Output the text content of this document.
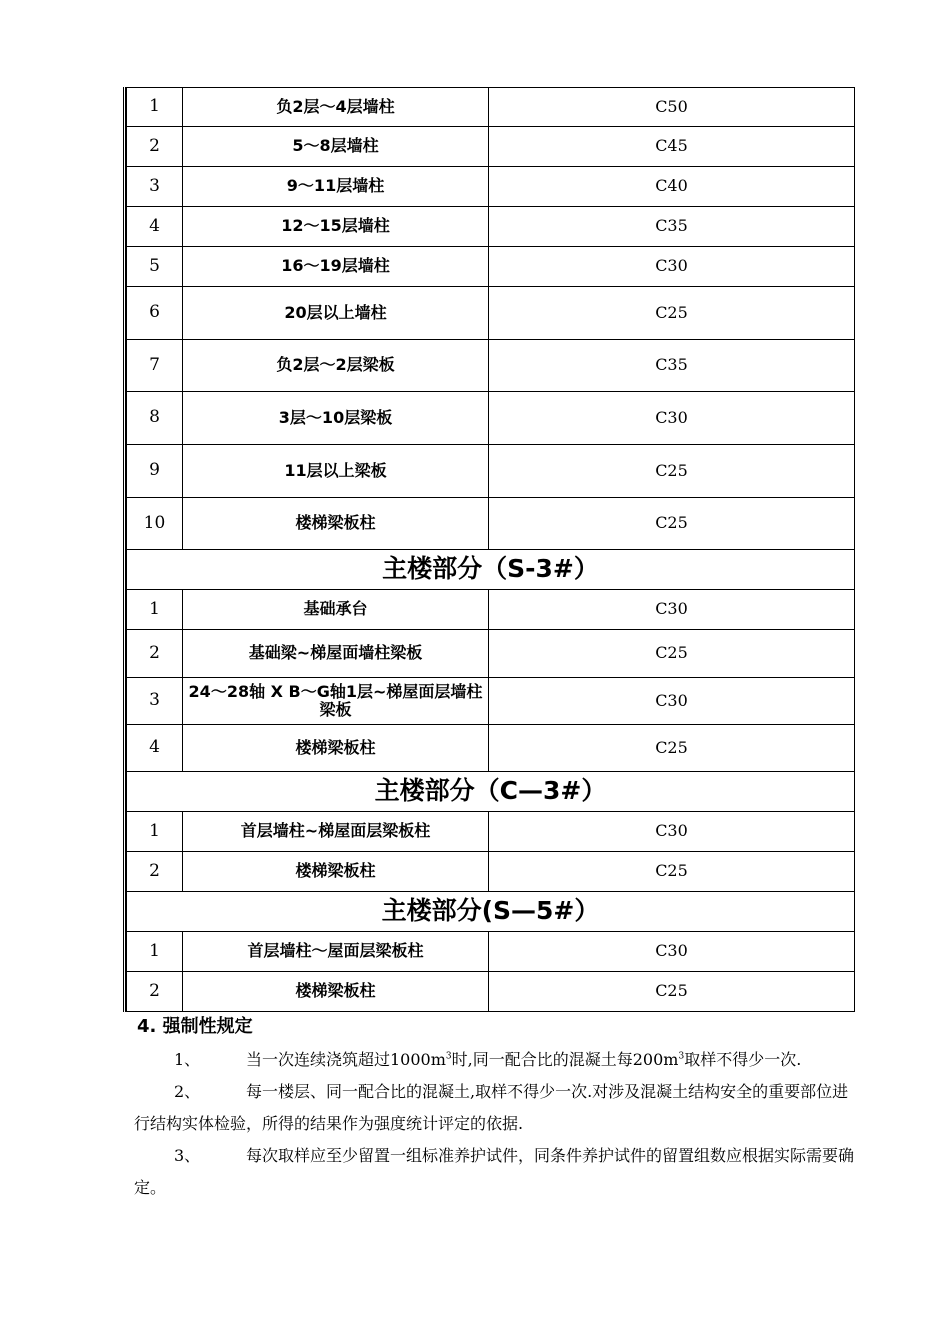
1	负2层～4层墙柱	C50
2	5～8层墙柱	C45
3	9～11层墙柱	C40
4	12～15层墙柱	C35
5	16～19层墙柱	C30
6	20层以上墙柱	C25
7	负2层～2层梁板	C35
8	3层～10层梁板	C30
9	11层以上梁板	C25
10	楼梯梁板柱	C25
主楼部分（S-3#）		
1	基础承台	C30
2	基础梁~梯屋面墙柱梁板	C25
3	24～28轴 X B～G轴1层~梯屋面层墙柱梁板	C30
4	楼梯梁板柱	C25
主楼部分（C—3#）		
1	首层墙柱~梯屋面层梁板柱	C30
2	楼梯梁板柱	C25
主楼部分(S—5#）		
1	首层墙柱～屋面层梁板柱	C30
2	楼梯梁板柱	C25
4. 强制性规定
1、	当一次连续浇筑超过$1000m^3$时,同一配合比的混凝土每$200m^3$取样不得少一次.
2、	每一楼层、同一配合比的混凝土,取样不得少一次.对涉及混凝土结构安全的重要部位进行结构实体检验，所得的结果作为强度统计评定的依据.
3、	每次取样应至少留置一组标准养护试件，同条件养护试件的留置组数应根据实际需要确定。
